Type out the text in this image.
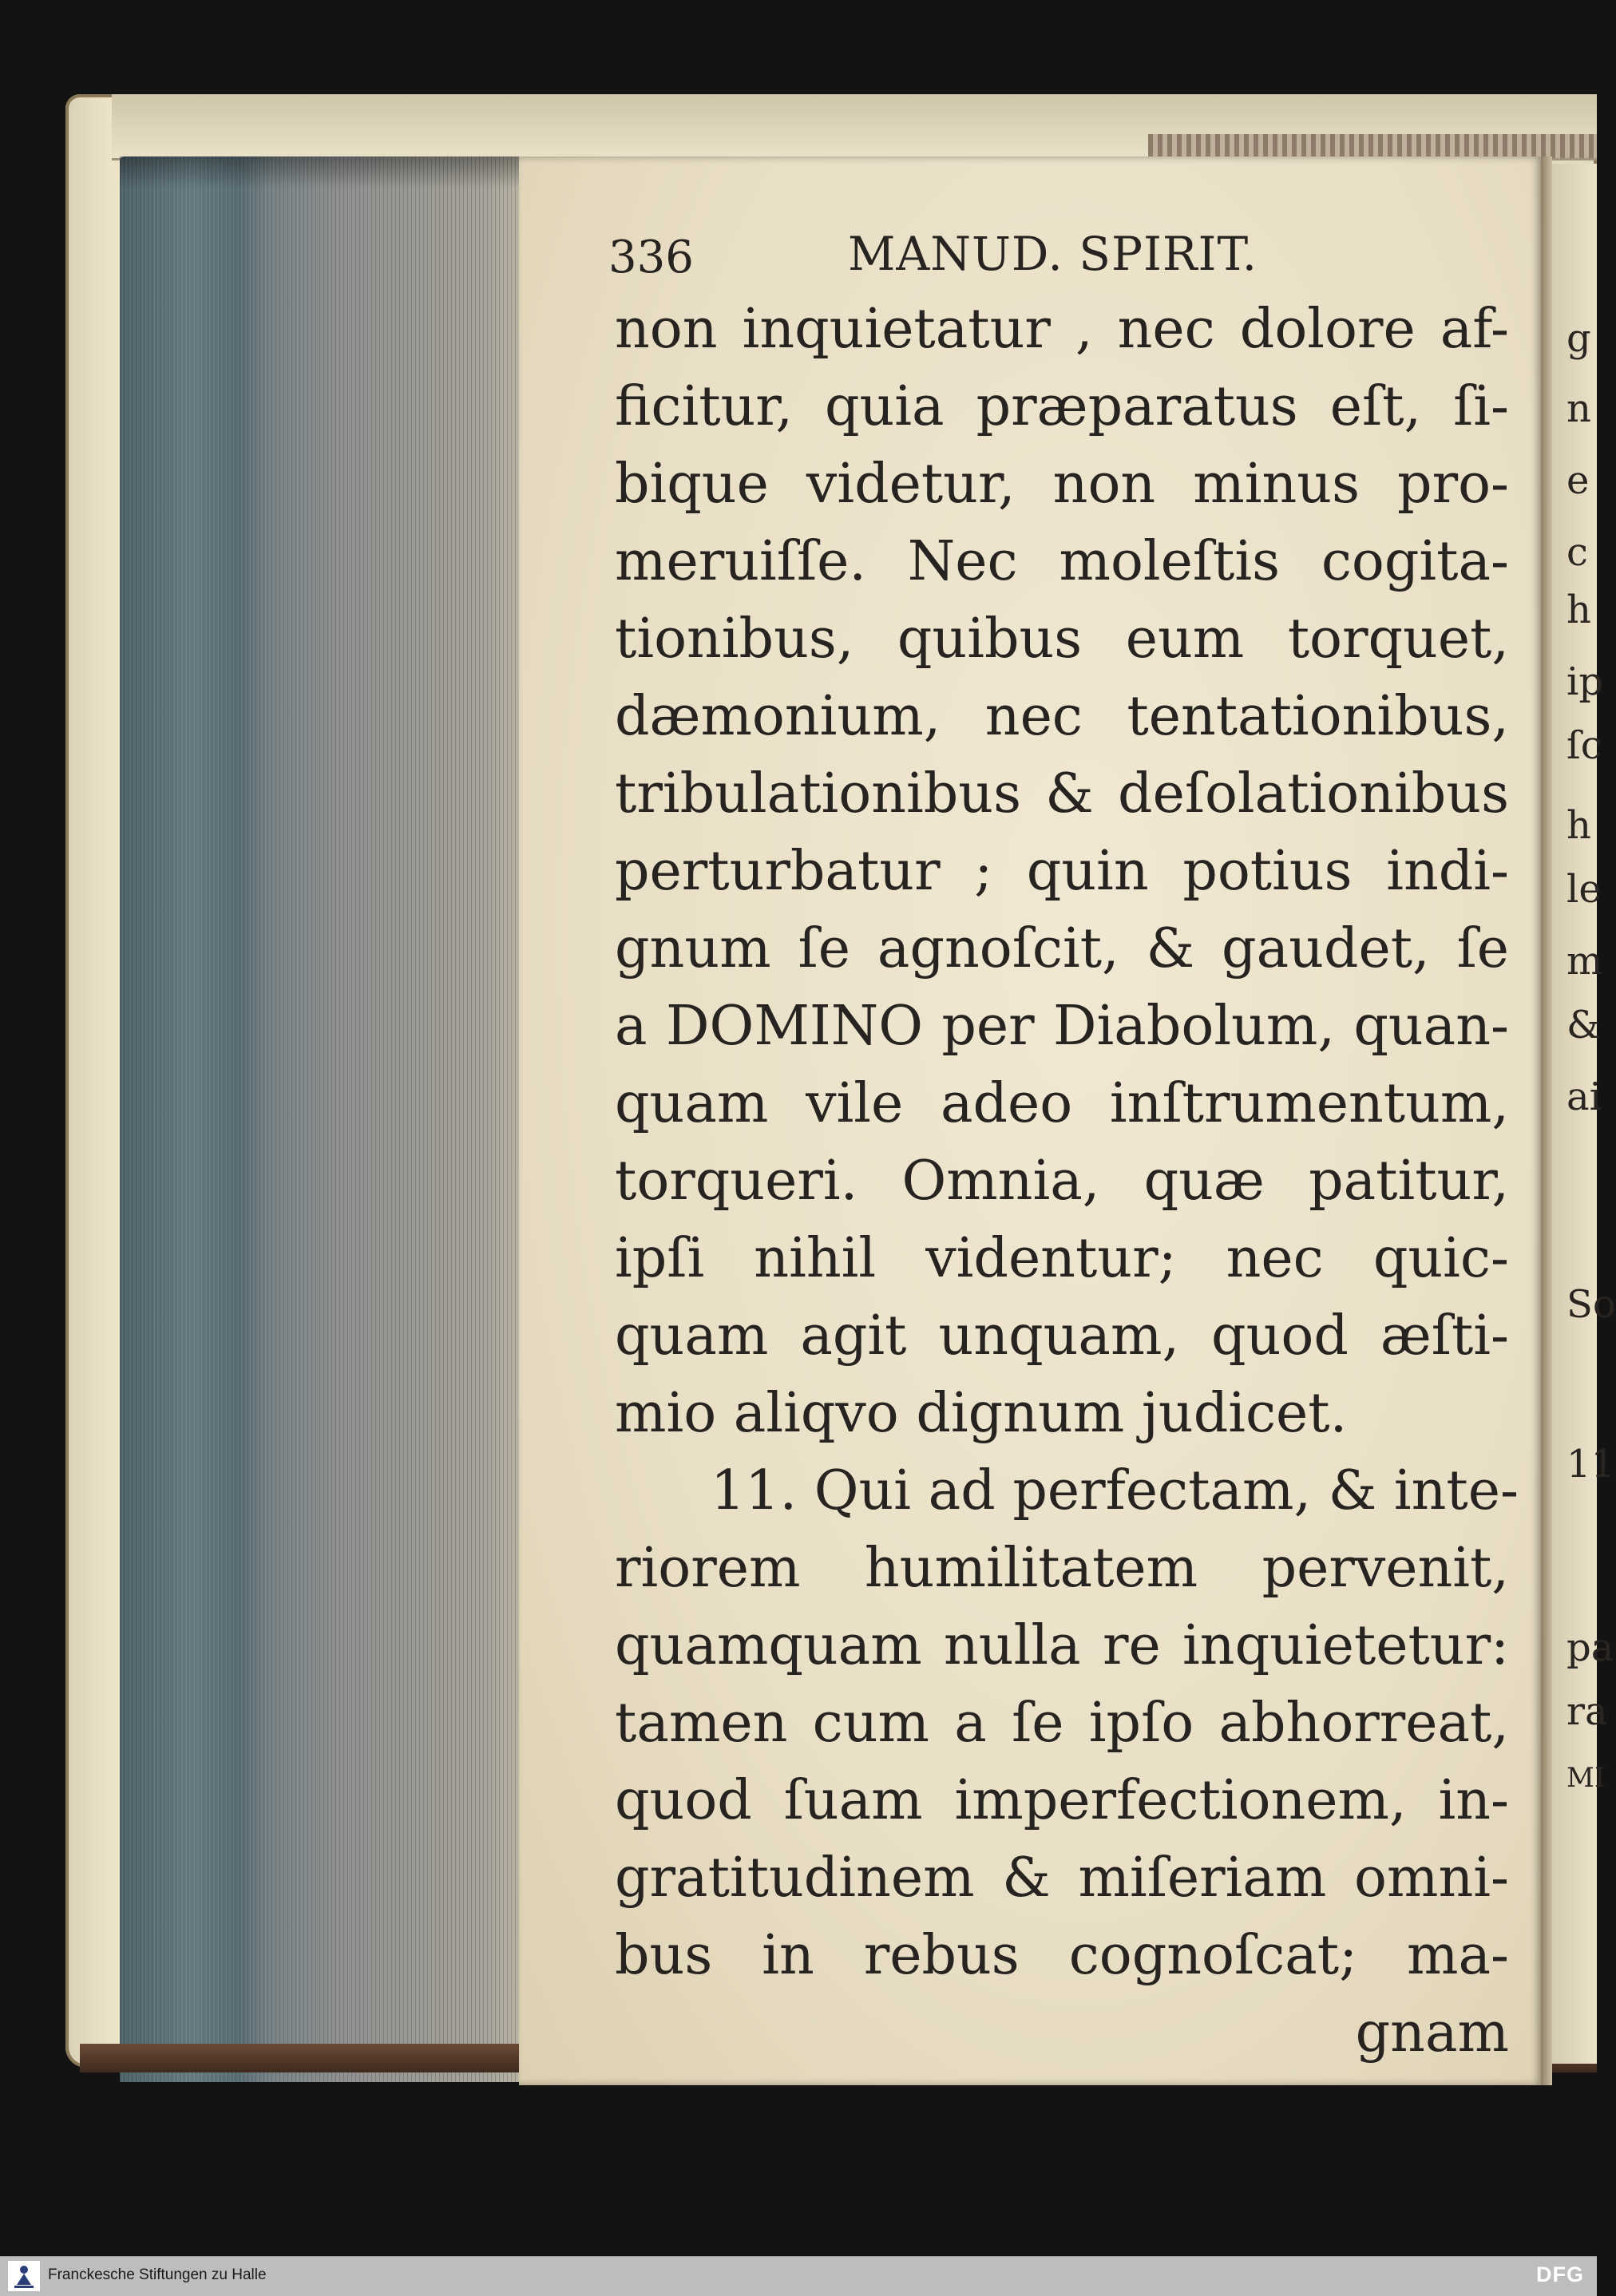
g
n
e
c
h
ip
ſc
h
le
m
&
ai
So
11
pa
ra
MI
336	MANUD. SPIRIT.
non inquietatur , nec dolore af-
ficitur, quia præparatus eſt, ſi-
bique videtur, non minus pro-
meruiſſe. Nec moleſtis cogita-
tionibus, quibus eum torquet,
dæmonium, nec tentationibus,
tribulationibus & deſolationibus
perturbatur ; quin potius indi-
gnum ſe agnoſcit, & gaudet, ſe
a DOMINO per Diabolum, quan-
quam vile adeo inſtrumentum,
torqueri. Omnia, quæ patitur,
ipſi nihil videntur; nec quic-
quam agit unquam, quod æſti-
mio aliqvo dignum judicet.
11. Qui ad perfectam, & inte-
riorem humilitatem pervenit,
quamquam nulla re inquietetur:
tamen cum a ſe ipſo abhorreat,
quod ſuam imperfectionem, in-
gratitudinem & miſeriam omni-
bus in rebus cognoſcat; ma-
gnam
Franckesche Stiftungen zu Halle	DFG
